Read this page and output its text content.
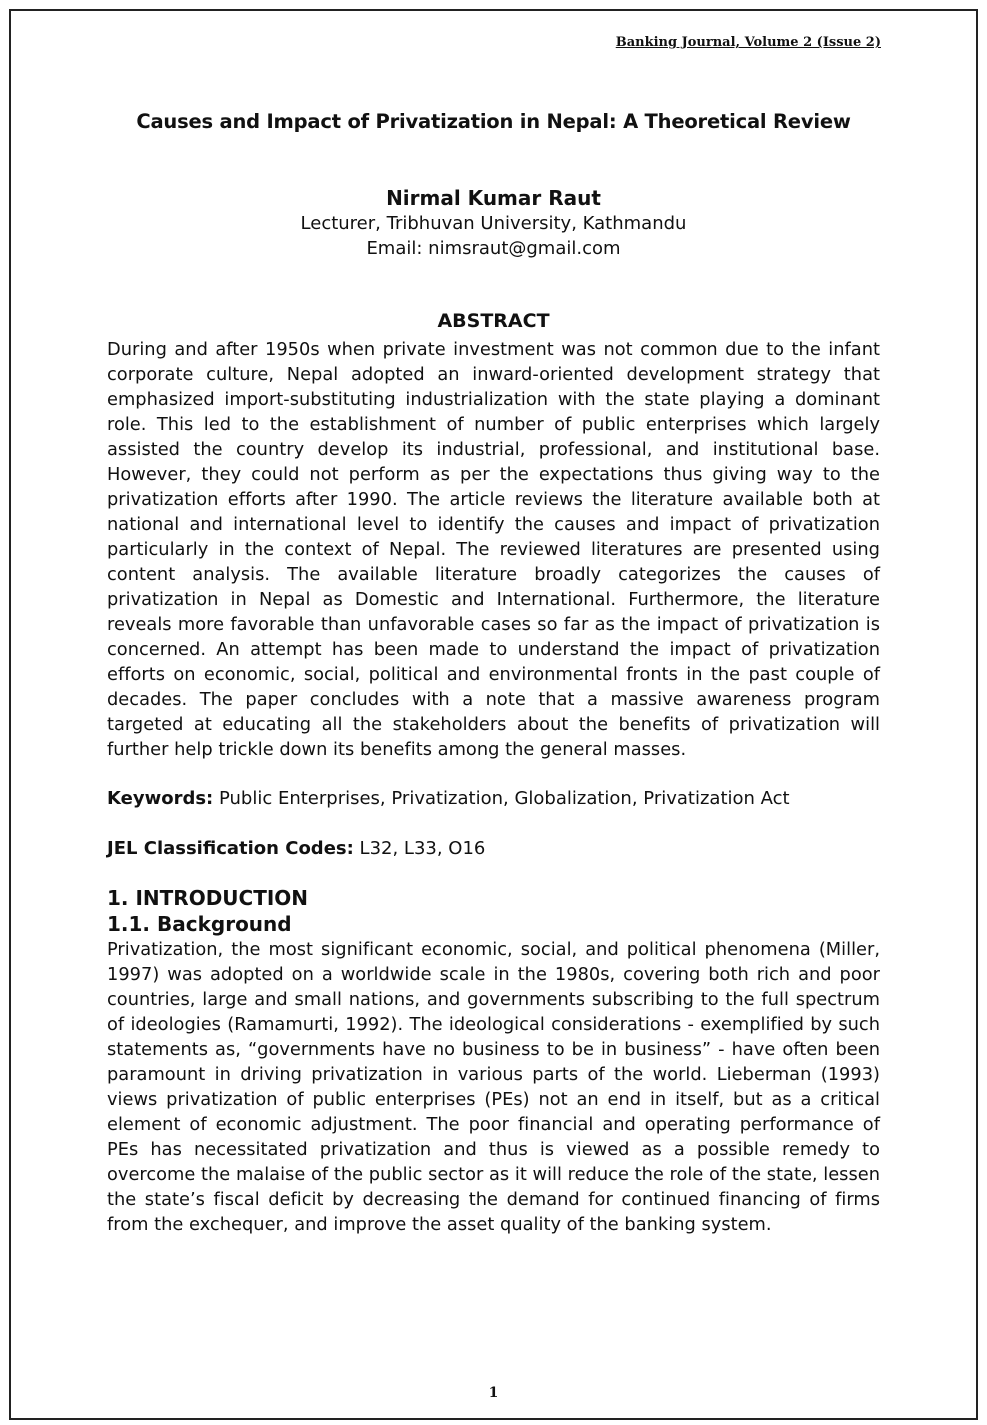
Banking Journal, Volume 2 (Issue 2)
Causes and Impact of Privatization in Nepal: A Theoretical Review
Nirmal Kumar Raut
Lecturer, Tribhuvan University, Kathmandu
Email: nimsraut@gmail.com
ABSTRACT

During and after 1950s when private investment was not common due to the infant corporate culture, Nepal adopted an inward-oriented development strategy that emphasized import-substituting industrialization with the state playing a dominant role. This led to the establishment of number of public enterprises which largely assisted the country develop its industrial, professional, and institutional base. However, they could not perform as per the expectations thus giving way to the privatization efforts after 1990. The article reviews the literature available both at national and international level to identify the causes and impact of privatization particularly in the context of Nepal. The reviewed literatures are presented using content analysis. The available literature broadly categorizes the causes of privatization in Nepal as Domestic and International. Furthermore, the literature reveals more favorable than unfavorable cases so far as the impact of privatization is concerned. An attempt has been made to understand the impact of privatization efforts on economic, social, political and environmental fronts in the past couple of decades. The paper concludes with a note that a massive awareness program targeted at educating all the stakeholders about the benefits of privatization will further help trickle down its benefits among the general masses.

Keywords: Public Enterprises, Privatization, Globalization, Privatization Act
JEL Classification Codes: L32, L33, O16
1. INTRODUCTION
1.1. Background

Privatization, the most significant economic, social, and political phenomena (Miller, 1997) was adopted on a worldwide scale in the 1980s, covering both rich and poor countries, large and small nations, and governments subscribing to the full spectrum of ideologies (Ramamurti, 1992). The ideological considerations - exemplified by such statements as, “governments have no business to be in business” - have often been paramount in driving privatization in various parts of the world. Lieberman (1993) views privatization of public enterprises (PEs) not an end in itself, but as a critical element of economic adjustment. The poor financial and operating performance of PEs has necessitated privatization and thus is viewed as a possible remedy to overcome the malaise of the public sector as it will reduce the role of the state, lessen the state’s fiscal deficit by decreasing the demand for continued financing of firms from the exchequer, and improve the asset quality of the banking system.

1
